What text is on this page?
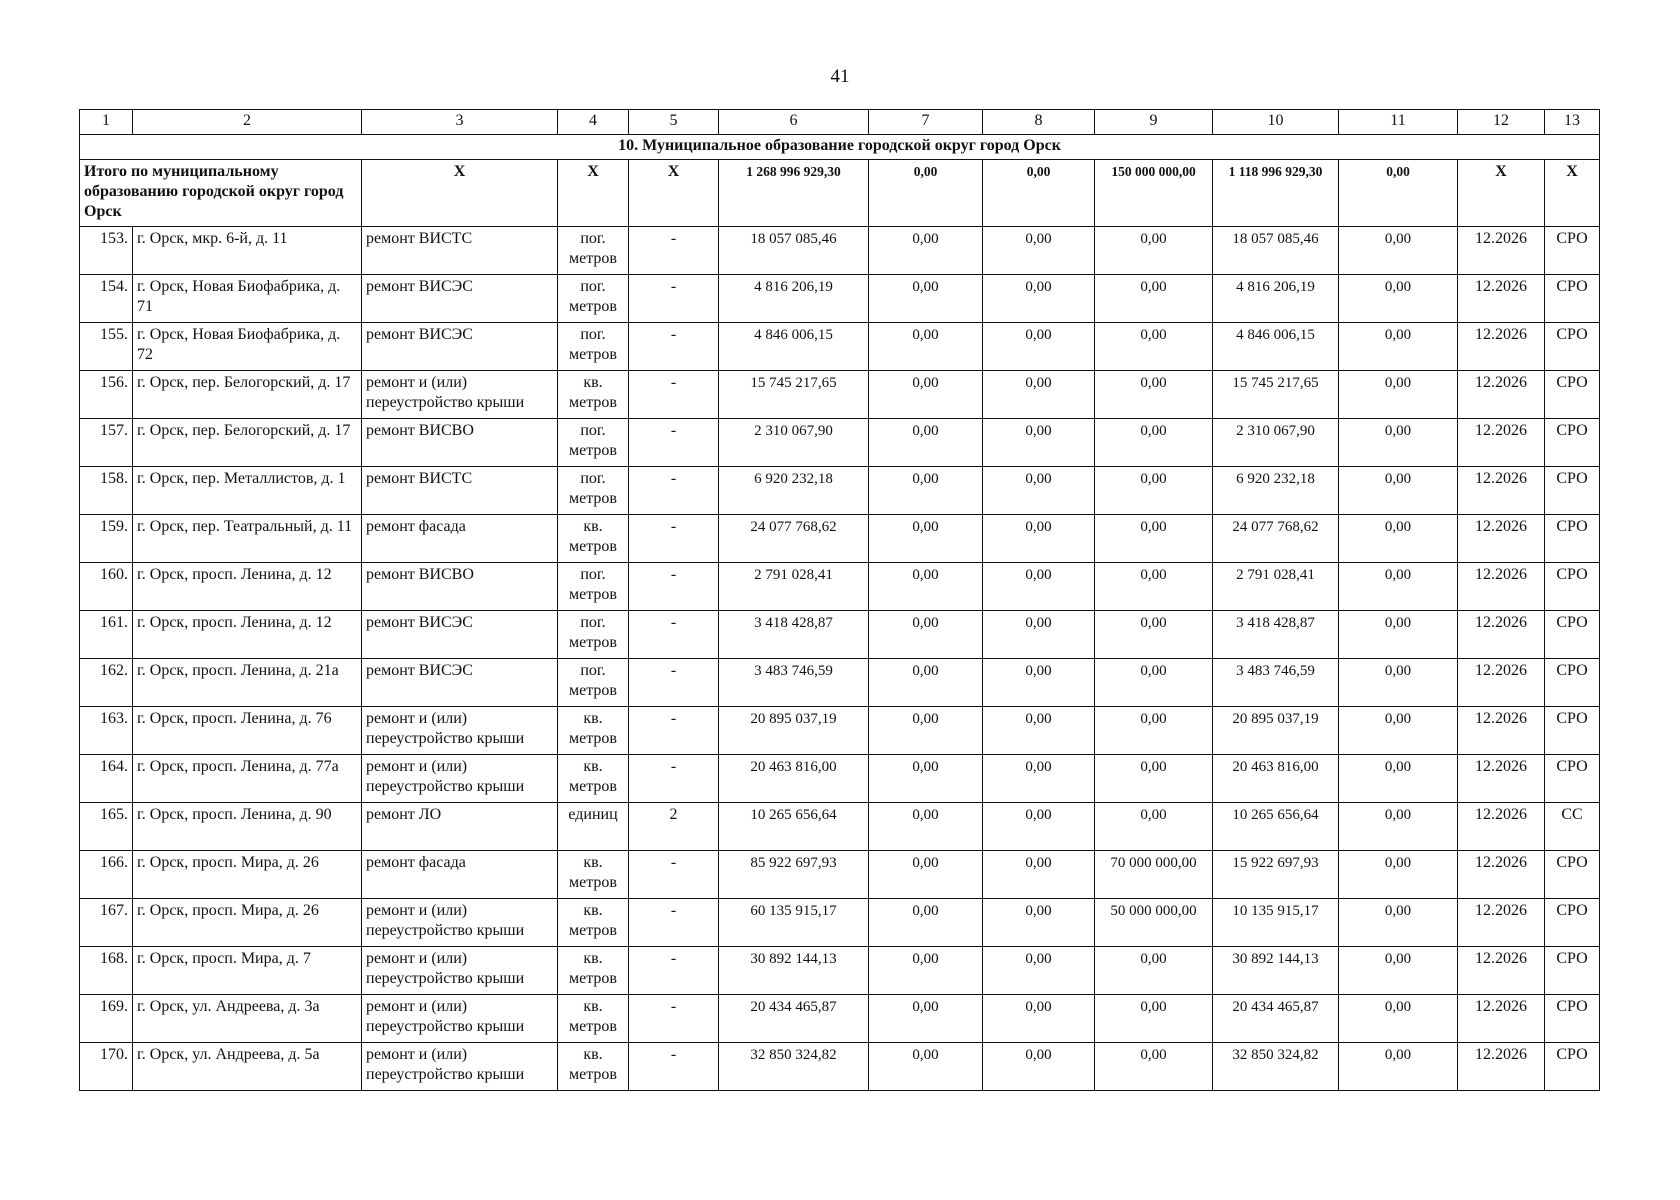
41
1	2	3	4	5	6	7	8	9	10	11	12	13
10. Муниципальное образование городской округ город Орск												
Итого по муниципальному образованию городской округ город Орск		X	X	X	1 268 996 929,30	0,00	0,00	150 000 000,00	1 118 996 929,30	0,00	X	X
153.	г. Орск, мкр. 6-й, д. 11	ремонт ВИСТС	пог. метров	-	18 057 085,46	0,00	0,00	0,00	18 057 085,46	0,00	12.2026	СРО
154.	г. Орск, Новая Биофабрика, д. 71	ремонт ВИСЭС	пог. метров	-	4 816 206,19	0,00	0,00	0,00	4 816 206,19	0,00	12.2026	СРО
155.	г. Орск, Новая Биофабрика, д. 72	ремонт ВИСЭС	пог. метров	-	4 846 006,15	0,00	0,00	0,00	4 846 006,15	0,00	12.2026	СРО
156.	г. Орск, пер. Белогорский, д. 17	ремонт и (или) переустройство крыши	кв. метров	-	15 745 217,65	0,00	0,00	0,00	15 745 217,65	0,00	12.2026	СРО
157.	г. Орск, пер. Белогорский, д. 17	ремонт ВИСВО	пог. метров	-	2 310 067,90	0,00	0,00	0,00	2 310 067,90	0,00	12.2026	СРО
158.	г. Орск, пер. Металлистов, д. 1	ремонт ВИСТС	пог. метров	-	6 920 232,18	0,00	0,00	0,00	6 920 232,18	0,00	12.2026	СРО
159.	г. Орск, пер. Театральный, д. 11	ремонт фасада	кв. метров	-	24 077 768,62	0,00	0,00	0,00	24 077 768,62	0,00	12.2026	СРО
160.	г. Орск, просп. Ленина, д. 12	ремонт ВИСВО	пог. метров	-	2 791 028,41	0,00	0,00	0,00	2 791 028,41	0,00	12.2026	СРО
161.	г. Орск, просп. Ленина, д. 12	ремонт ВИСЭС	пог. метров	-	3 418 428,87	0,00	0,00	0,00	3 418 428,87	0,00	12.2026	СРО
162.	г. Орск, просп. Ленина, д. 21а	ремонт ВИСЭС	пог. метров	-	3 483 746,59	0,00	0,00	0,00	3 483 746,59	0,00	12.2026	СРО
163.	г. Орск, просп. Ленина, д. 76	ремонт и (или) переустройство крыши	кв. метров	-	20 895 037,19	0,00	0,00	0,00	20 895 037,19	0,00	12.2026	СРО
164.	г. Орск, просп. Ленина, д. 77а	ремонт и (или) переустройство крыши	кв. метров	-	20 463 816,00	0,00	0,00	0,00	20 463 816,00	0,00	12.2026	СРО
165.	г. Орск, просп. Ленина, д. 90	ремонт ЛО	единиц	2	10 265 656,64	0,00	0,00	0,00	10 265 656,64	0,00	12.2026	СС
166.	г. Орск, просп. Мира, д. 26	ремонт фасада	кв. метров	-	85 922 697,93	0,00	0,00	70 000 000,00	15 922 697,93	0,00	12.2026	СРО
167.	г. Орск, просп. Мира, д. 26	ремонт и (или) переустройство крыши	кв. метров	-	60 135 915,17	0,00	0,00	50 000 000,00	10 135 915,17	0,00	12.2026	СРО
168.	г. Орск, просп. Мира, д. 7	ремонт и (или) переустройство крыши	кв. метров	-	30 892 144,13	0,00	0,00	0,00	30 892 144,13	0,00	12.2026	СРО
169.	г. Орск, ул. Андреева, д. 3а	ремонт и (или) переустройство крыши	кв. метров	-	20 434 465,87	0,00	0,00	0,00	20 434 465,87	0,00	12.2026	СРО
170.	г. Орск, ул. Андреева, д. 5а	ремонт и (или) переустройство крыши	кв. метров	-	32 850 324,82	0,00	0,00	0,00	32 850 324,82	0,00	12.2026	СРО
